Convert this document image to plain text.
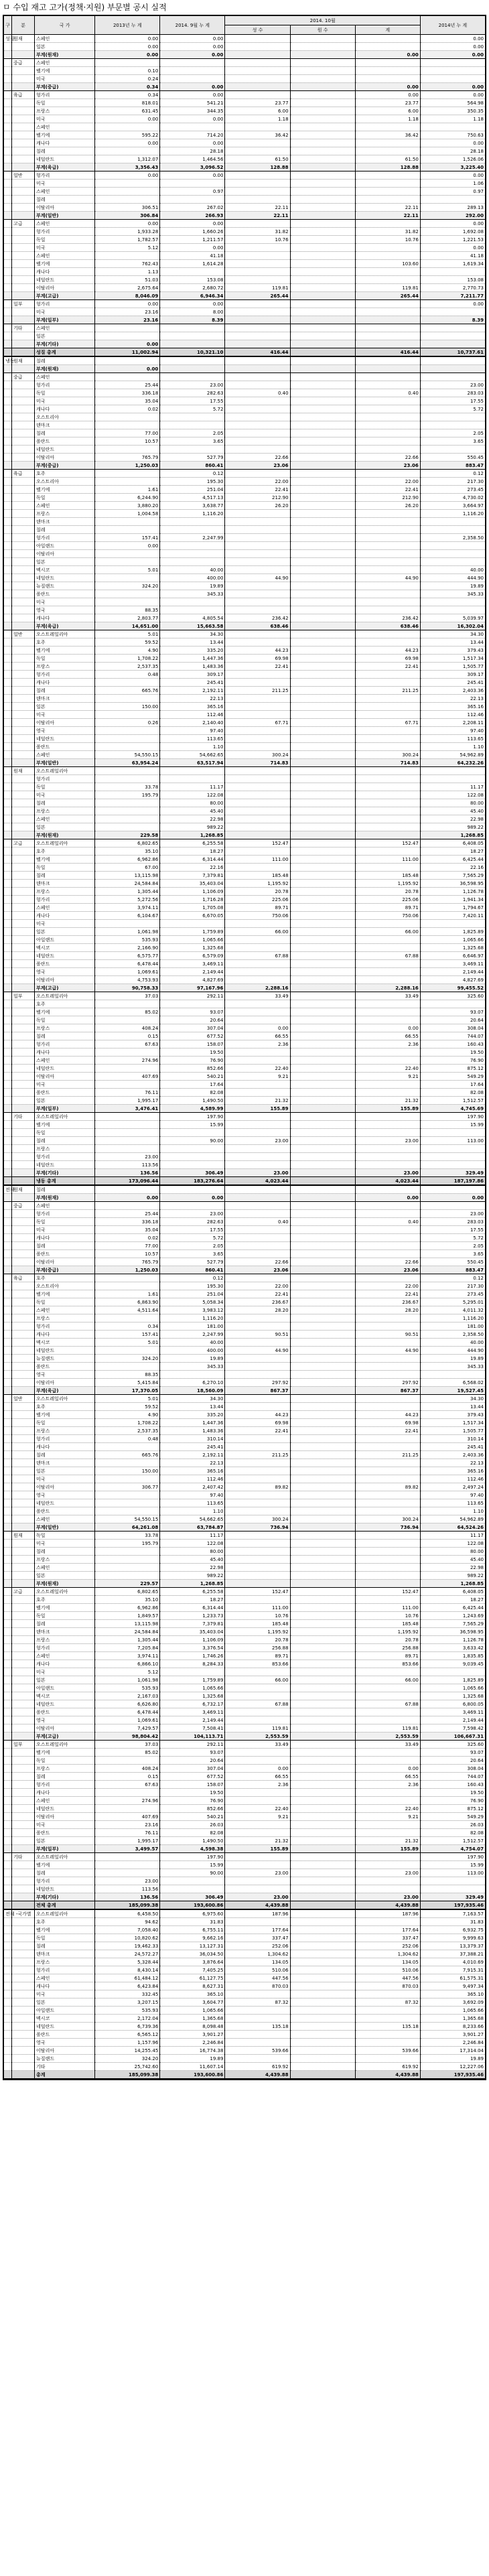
ㅁ 수입 재고 고가(정책·지원) 부문별 공시 실적
구	분	국 가	2013년 누 계	2014. 9월 누 계	2014. 10월			2014년 누 계
					성 수	원 수	계	
성질	원재	스페인	0.00	0.00				0.00
		일본	0.00	0.00				0.00
		부계(원재)	0.00	0.00			0.00	0.00
	중급	스페인						
		벨기에	0.10					
		미국	0.24					
		부계(중급)	0.34	0.00			0.00	0.00
	육급	헝가리	0.34	0.00			0.00	0.00
		독일	818.01	541.21	23.77		23.77	564.98
		프랑스	631.45	344.35	6.00		6.00	350.35
		미국	0.00	0.00	1.18		1.18	1.18
		스페인						
		벨기에	595.22	714.20	36.42		36.42	750.63
		캐나다	0.00	0.00				0.00
		칠레		28.18				28.18
		네덜란드	1,312.07	1,464.56	61.50		61.50	1,526.06
		부계(육급)	3,356.43	3,096.52	128.88		128.88	3,225.40
	일반	헝가리	0.00	0.00				0.00
		미국						1.06
		스페인		0.97				0.97
		칠레						
		이탈리아	306.51	267.02	22.11		22.11	289.13
		부계(일반)	306.84	266.93	22.11		22.11	292.00
	고급	스페인	0.00	0.00				0.00
		헝가리	1,933.28	1,660.26	31.82		31.82	1,692.08
		독일	1,782.57	1,211.57	10.76		10.76	1,221.53
		미국	5.12	0.00				0.00
		스페인		41.18				41.18
		벨기에	762.43	1,614.28			103.60	1,619.34
		캐나다	1.13					
		네덜란드	51.03	153.08				153.08
		이탈리아	2,675.64	2,680.72	119.81		119.81	2,770.73
		부계(고급)	8,046.09	6,946.34	265.44		265.44	7,211.77
	일부	헝가리	0.00	0.00				0.00
		미국	23.16	8.00				
		부계(일부)	23.16	8.39				8.39
	기타	스페인						
		일본						
		부계(기타)	0.00					
		성질 총계	11,002.94	10,321.10	416.44		416.44	10,737.61
냉동	원재	칠레						
		부계(원재)	0.00					
	중급	스페인						
		헝가리	25.44	23.00				23.00
		독일	336.18	282.63	0.40		0.40	283.03
		미국	35.04	17.55				17.55
		캐나다	0.02	5.72				5.72
		오스트리아						
		덴마크						
		칠레	77.00	2.05				2.05
		폴란드	10.57	3.65				3.65
		네덜란드						
		이탈리아	765.79	527.79	22.66		22.66	550.45
		부계(중급)	1,250.03	860.41	23.06		23.06	883.47
	육급	호주		0.12				0.12
		오스트리아		195.30	22.00		22.00	217.30
		벨기에	1.61	251.04	22.41		22.41	273.45
		독일	6,244.90	4,517.13	212.90		212.90	4,730.02
		스페인	3,880.20	3,638.77	26.20		26.20	3,664.97
		프랑스	1,004.58	1,116.20				1,116.20
		덴마크						
		칠레						
		헝가리	157.41	2,247.99				2,358.50
		아일랜드	0.00					
		이탈리아						
		일본						
		멕시코	5.01	40.00				40.00
		네덜란드		400.00	44.90		44.90	444.90
		뉴질랜드	324.20	19.89				19.89
		폴란드		345.33				345.33
		미국						
		영국	88.35					
		캐나다	2,803.77	4,805.54	236.42		236.42	5,039.97
		부계(육급)	14,651.00	15,663.58	638.46		638.46	16,302.04
	일반	오스트레일리아	5.01	34.30				34.30
		호주	59.52	13.44				13.44
		벨기에	4.90	335.20	44.23		44.23	379.43
		독일	1,708.22	1,447.36	69.98		69.98	1,517.34
		프랑스	2,537.35	1,483.36	22.41		22.41	1,505.77
		헝가리	0.48	309.17				309.17
		캐나다		245.41				245.41
		칠레	665.76	2,192.11	211.25		211.25	2,403.36
		덴마크		22.13				22.13
		일본	150.00	365.16				365.16
		미국		112.46				112.46
		이탈리아	0.26	2,140.40	67.71		67.71	2,208.11
		영국		97.40				97.40
		네덜란드		113.65				113.65
		폴란드		1.10				1.10
		스페인	54,550.15	54,662.65	300.24		300.24	54,962.89
		부계(일반)	63,954.24	63,517.94	714.83		714.83	64,232.26
	원재	오스트레일리아						
		헝가리						
		독일	33.78	11.17				11.17
		미국	195.79	122.08				122.08
		칠레		80.00				80.00
		프랑스		45.40				45.40
		스페인		22.98				22.98
		일본		989.22				989.22
		부계(원재)	229.58	1,268.85				1,268.85
	고급	오스트레일리아	6,802.65	6,255.58	152.47		152.47	6,408.05
		호주	35.10	18.27				18.27
		벨기에	6,962.86	6,314.44	111.00		111.00	6,425.44
		독일	67.00	22.16				22.16
		칠레	13,115.98	7,379.81	185.48		185.48	7,565.29
		덴마크	24,584.84	35,403.04	1,195.92		1,195.92	36,598.95
		프랑스	1,305.44	1,106.09	20.78		20.78	1,126.78
		헝가리	5,272.56	1,716.28	225.06		225.06	1,941.34
		스페인	3,974.11	1,705.08	89.71		89.71	1,794.67
		캐나다	6,104.67	6,670.05	750.06		750.06	7,420.11
		미국						
		일본	1,061.98	1,759.89	66.00		66.00	1,825.89
		아일랜드	535.93	1,065.66				1,065.66
		멕시코	2,166.90	1,325.68				1,325.68
		네덜란드	6,575.77	6,579.09	67.88		67.88	6,646.97
		폴란드	6,478.44	3,469.11				3,469.11
		영국	1,069.61	2,149.44				2,149.44
		이탈리아	4,753.93	4,827.69				4,827.69
		부계(고급)	90,758.33	97,167.96	2,288.16		2,288.16	99,455.52
	일부	오스트레일리아	37.03	292.11	33.49		33.49	325.60
		호주						
		벨기에	85.02	93.07				93.07
		독일		20.64				20.64
		프랑스	408.24	307.04	0.00		0.00	308.04
		칠레	0.15	677.52	66.55		66.55	744.07
		헝가리	67.63	158.07	2.36		2.36	160.43
		캐나다		19.50				19.50
		스페인	274.96	76.90				76.90
		네덜란드		852.66	22.40		22.40	875.12
		이탈리아	407.69	540.21	9.21		9.21	549.29
		미국		17.64				17.64
		폴란드	76.11	82.08				82.08
		일본	1,995.17	1,490.50	21.32		21.32	1,512.57
		부계(일부)	3,476.41	4,589.99	155.89		155.89	4,745.69
	기타	오스트레일리아		197.90				197.90
		벨기에		15.99				15.99
		독일						
		칠레		90.00	23.00		23.00	113.00
		프랑스						
		헝가리	23.00					
		네덜란드	113.56					
		부계(기타)	136.56	306.49	23.00		23.00	329.49
		냉동 총계	173,096.44	183,276.64	4,023.44		4,023.44	187,197.86
전체	원재	칠레						
		부계(원재)	0.00	0.00			0.00	0.00
	중급	스페인						
		헝가리	25.44	23.00				23.00
		독일	336.18	282.63	0.40		0.40	283.03
		미국	35.04	17.55				17.55
		캐나다	0.02	5.72				5.72
		칠레	77.00	2.05				2.05
		폴란드	10.57	3.65				3.65
		이탈리아	765.79	527.79	22.66		22.66	550.45
		부계(중급)	1,250.03	860.41	23.06		23.06	883.47
	육급	호주		0.12				0.12
		오스트리아		195.30	22.00		22.00	217.30
		벨기에	1.61	251.04	22.41		22.41	273.45
		독일	6,863.90	5,058.34	236.67		236.67	5,295.01
		스페인	4,511.64	3,983.12	28.20		28.20	4,011.32
		프랑스		1,116.20				1,116.20
		헝가리	0.34	181.00				181.00
		캐나다	157.41	2,247.99	90.51		90.51	2,358.50
		멕시코	5.01	40.00				40.00
		네덜란드		400.00	44.90		44.90	444.90
		뉴질랜드	324.20	19.89				19.89
		폴란드		345.33				345.33
		영국	88.35					
		이탈리아	5,415.84	6,270.10	297.92		297.92	6,568.02
		부계(육급)	17,370.05	18,560.09	867.37		867.37	19,527.45
	일반	오스트레일리아	5.01	34.30				34.30
		호주	59.52	13.44				13.44
		벨기에	4.90	335.20	44.23		44.23	379.43
		독일	1,708.22	1,447.36	69.98		69.98	1,517.34
		프랑스	2,537.35	1,483.36	22.41		22.41	1,505.77
		헝가리	0.48	310.14				310.14
		캐나다		245.41				245.41
		칠레	665.76	2,192.11	211.25		211.25	2,403.36
		덴마크		22.13				22.13
		일본	150.00	365.16				365.16
		미국		112.46				112.46
		이탈리아	306.77	2,407.42	89.82		89.82	2,497.24
		영국		97.40				97.40
		네덜란드		113.65				113.65
		폴란드		1.10				1.10
		스페인	54,550.15	54,662.65	300.24		300.24	54,962.89
		부계(일반)	64,261.08	63,784.87	736.94		736.94	64,524.26
	원재	독일	33.78	11.17				11.17
		미국	195.79	122.08				122.08
		칠레		80.00				80.00
		프랑스		45.40				45.40
		스페인		22.98				22.98
		일본		989.22				989.22
		부계(원재)	229.57	1,268.85				1,268.85
	고급	오스트레일리아	6,802.65	6,255.58	152.47		152.47	6,408.05
		호주	35.10	18.27				18.27
		벨기에	6,962.86	6,314.44	111.00		111.00	6,425.44
		독일	1,849.57	1,233.73	10.76		10.76	1,243.69
		칠레	13,115.98	7,379.81	185.48		185.48	7,565.29
		덴마크	24,584.84	35,403.04	1,195.92		1,195.92	36,598.95
		프랑스	1,305.44	1,106.09	20.78		20.78	1,126.78
		헝가리	7,205.84	3,376.54	256.88		256.88	3,633.42
		스페인	3,974.11	1,746.26	89.71		89.71	1,835.85
		캐나다	6,866.10	8,284.33	853.66		853.66	9,039.45
		미국	5.12					
		일본	1,061.98	1,759.89	66.00		66.00	1,825.89
		아일랜드	535.93	1,065.66				1,065.66
		멕시코	2,167.03	1,325.68				1,325.68
		네덜란드	6,626.80	6,732.17	67.88		67.88	6,800.05
		폴란드	6,478.44	3,469.11				3,469.11
		영국	1,069.61	2,149.44				2,149.44
		이탈리아	7,429.57	7,508.41	119.81		119.81	7,598.42
		부계(고급)	98,804.42	104,113.71	2,553.59		2,553.59	106,667.31
	일부	오스트레일리아	37.03	292.11	33.49		33.49	325.60
		벨기에	85.02	93.07				93.07
		독일		20.64				20.64
		프랑스	408.24	307.04	0.00		0.00	308.04
		칠레	0.15	677.52	66.55		66.55	744.07
		헝가리	67.63	158.07	2.36		2.36	160.43
		캐나다		19.50				19.50
		스페인	274.96	76.90				76.90
		네덜란드		852.66	22.40		22.40	875.12
		이탈리아	407.69	540.21	9.21		9.21	549.29
		미국	23.16	26.03				26.03
		폴란드	76.11	82.08				82.08
		일본	1,995.17	1,490.50	21.32		21.32	1,512.57
		부계(일부)	3,499.57	4,598.38	155.89		155.89	4,754.07
	기타	오스트레일리아		197.90				197.90
		벨기에		15.99				15.99
		칠레		90.00	23.00		23.00	113.00
		헝가리	23.00					
		네덜란드	113.56					
		부계(기타)	136.56	306.49	23.00		23.00	329.49
		전체 총계	185,099.38	193,600.86	4,439.88		4,439.88	197,935.46
전체 -국가별		오스트레일리아	6,458.50	6,975.60	187.96		187.96	7,163.57
		호주	94.62	31.83				31.83
		벨기에	7,058.40	6,755.11	177.64		177.64	6,932.75
		독일	10,820.62	9,662.16	337.47		337.47	9,999.63
		칠레	19,462.33	13,127.31	252.06		252.06	13,379.37
		덴마크	24,572.27	36,034.50	1,304.62		1,304.62	37,388.21
		프랑스	5,328.44	3,876.64	134.05		134.05	4,010.69
		헝가리	8,430.14	7,405.25	510.06		510.06	7,915.31
		스페인	61,484.12	61,127.75	447.56		447.56	61,575.31
		캐나다	6,423.84	8,627.31	870.03		870.03	9,497.34
		미국	332.45	365.10				365.10
		일본	3,207.15	3,604.77	87.32		87.32	3,692.09
		아일랜드	535.93	1,065.66				1,065.66
		멕시코	2,172.04	1,365.68				1,365.68
		네덜란드	6,739.36	8,098.48	135.18		135.18	8,233.66
		폴란드	6,565.12	3,901.27				3,901.27
		영국	1,157.96	2,246.84				2,246.84
		이탈리아	14,255.45	16,774.38	539.66		539.66	17,314.04
		뉴질랜드	324.20	19.89				19.89
		기타	25,742.60	11,607.14	619.92		619.92	12,227.06
		총계	185,099.38	193,600.86	4,439.88		4,439.88	197,935.46
